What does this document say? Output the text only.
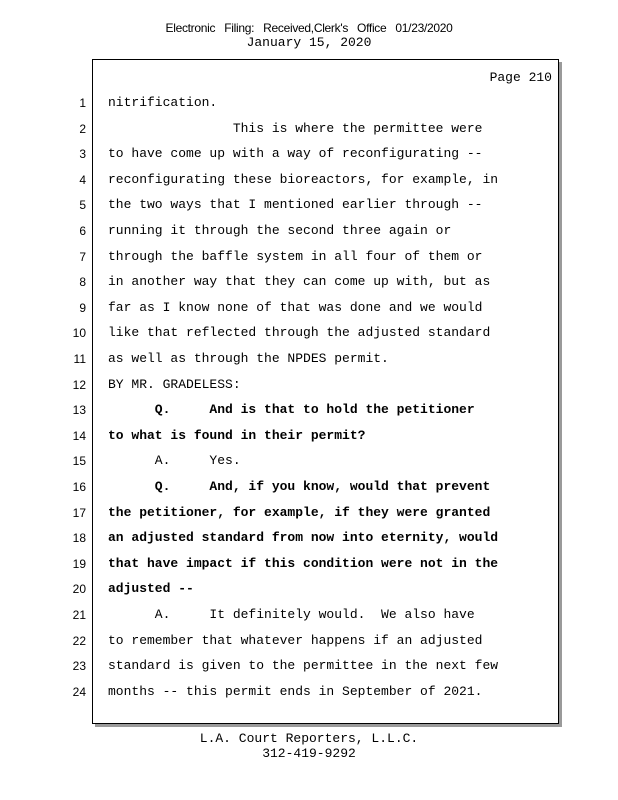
Electronic Filing: Received,Clerk's Office 01/23/2020
January 15, 2020
Page 210
1 nitrification.
2 This is where the permittee were
3 to have come up with a way of reconfigurating --
4 reconfigurating these bioreactors, for example, in
5 the two ways that I mentioned earlier through --
6 running it through the second three again or
7 through the baffle system in all four of them or
8 in another way that they can come up with, but as
9 far as I know none of that was done and we would
10 like that reflected through the adjusted standard
11 as well as through the NPDES permit.
12 BY MR. GRADELESS:
13 Q.     And is that to hold the petitioner
14 to what is found in their permit?
15 A.     Yes.
16 Q.     And, if you know, would that prevent
17 the petitioner, for example, if they were granted
18 an adjusted standard from now into eternity, would
19 that have impact if this condition were not in the
20 adjusted --
21 A.     It definitely would.  We also have
22 to remember that whatever happens if an adjusted
23 standard is given to the permittee in the next few
24 months -- this permit ends in September of 2021.
L.A. Court Reporters, L.L.C.
312-419-9292
